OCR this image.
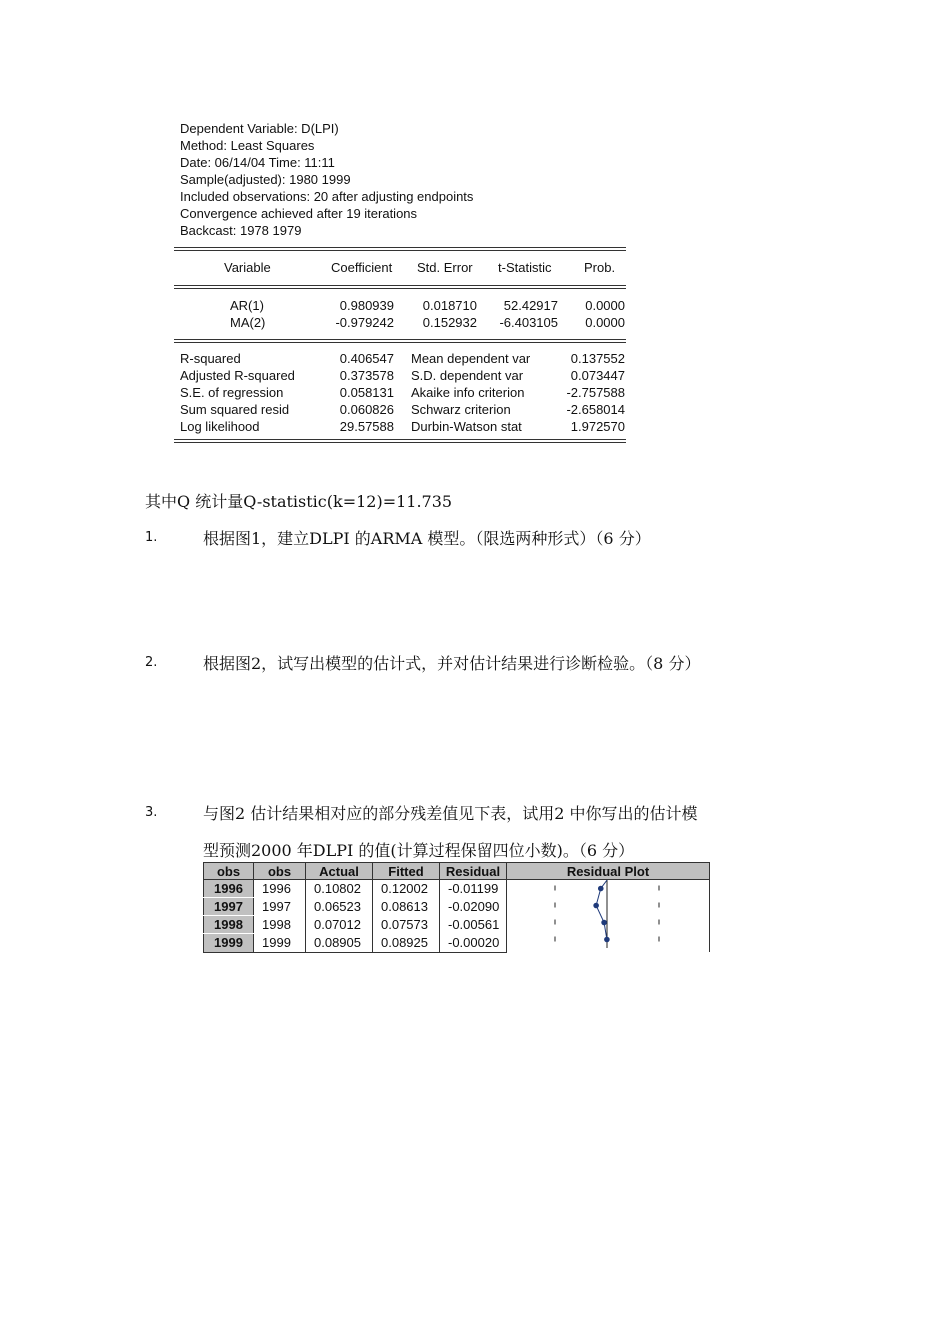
Dependent Variable: D(LPI)
Method: Least Squares
Date: 06/14/04 Time: 11:11
Sample(adjusted): 1980 1999
Included observations: 20 after adjusting endpoints
Convergence achieved after 19 iterations
Backcast: 1978 1979
Variable	Coefficient Std. Error t-Statistic	Prob.
AR(1)	0.980939 0.018710 52.42917 0.0000
MA(2)	-0.979242 0.152932 -6.403105 0.0000
R-squared	0.406547 Mean dependent var	0.137552
Adjusted R-squared	0.373578 S.D. dependent var	0.073447
S.E. of regression	0.058131 Akaike info criterion	-2.757588
Sum squared resid	0.060826 Schwarz criterion	-2.658014
Log likelihood	29.57588 Durbin-Watson stat	1.972570
其中Q 统计量Q-statistic(k=12)=11.735
1.	根据图1，建立DLPI 的ARMA 模型。（限选两种形式）（6 分）
2.	根据图2，试写出模型的估计式，并对估计结果进行诊断检验。（8 分）
3.	与图2 估计结果相对应的部分残差值见下表，试用2 中你写出的估计模
型预测2000 年DLPI 的值(计算过程保留四位小数)。（6 分）
obs	obs	Actual	Fitted	Residual	Residual Plot
1996	1996	0.10802	0.12002	-0.01199	
1997	1997	0.06523	0.08613	-0.02090	
1998	1998	0.07012	0.07573	-0.00561	
1999	1999	0.08905	0.08925	-0.00020	
